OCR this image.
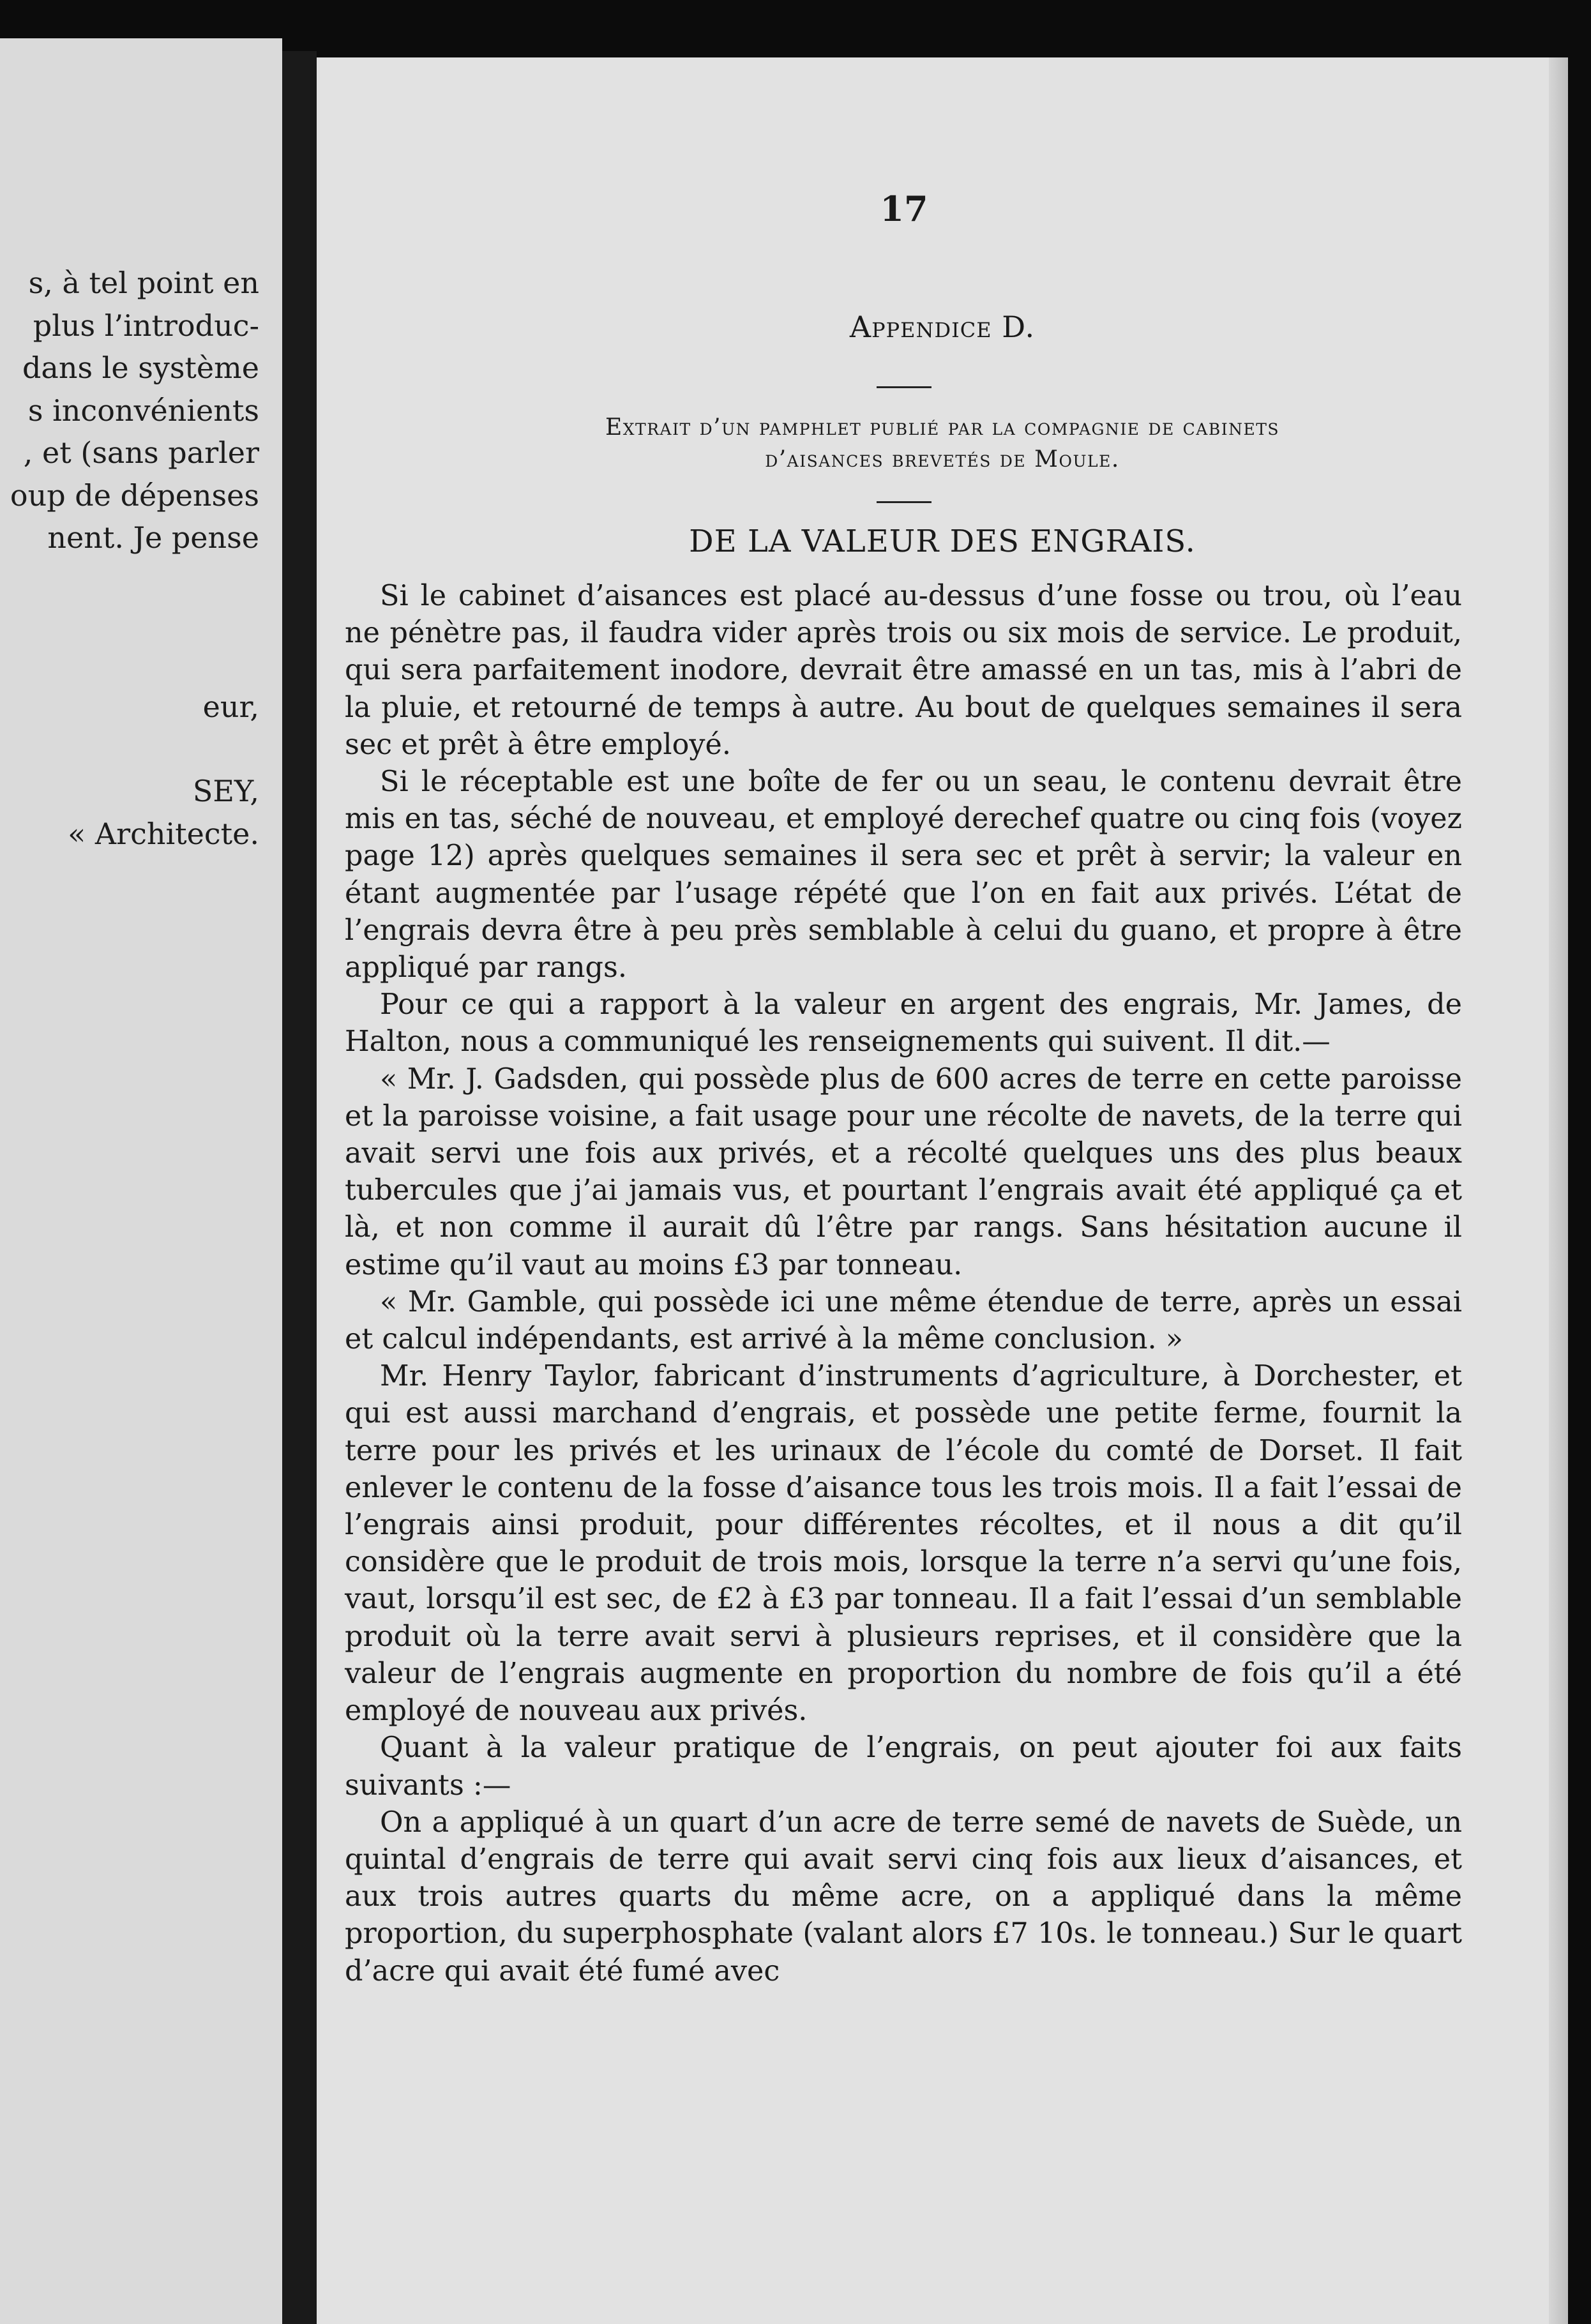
s, à tel point en
plus l’introduc-
dans le système
s inconvénients
, et (sans parler
oup de dépenses
nent. Je pense
eur,
SEY,
« Architecte.
17
Appendice D.
Extrait d’un pamphlet publié par la compagnie de cabinets
d’aisances brevetés de Moule.
DE LA VALEUR DES ENGRAIS.

Si le cabinet d’aisances est placé au-dessus d’une fosse ou trou, où l’eau ne pénètre pas, il faudra vider après trois ou six mois de service. Le produit, qui sera parfaitement inodore, devrait être amassé en un tas, mis à l’abri de la pluie, et retourné de temps à autre. Au bout de quelques semaines il sera sec et prêt à être employé.

Si le réceptable est une boîte de fer ou un seau, le contenu devrait être mis en tas, séché de nouveau, et employé derechef quatre ou cinq fois (voyez page 12) après quelques semaines il sera sec et prêt à servir; la valeur en étant augmentée par l’usage répété que l’on en fait aux privés. L’état de l’engrais devra être à peu près semblable à celui du guano, et propre à être appliqué par rangs.

Pour ce qui a rapport à la valeur en argent des engrais, Mr. James, de Halton, nous a communiqué les renseignements qui suivent. Il dit.—

« Mr. J. Gadsden, qui possède plus de 600 acres de terre en cette paroisse et la paroisse voisine, a fait usage pour une récolte de navets, de la terre qui avait servi une fois aux privés, et a récolté quelques uns des plus beaux tubercules que j’ai jamais vus, et pourtant l’engrais avait été appliqué ça et là, et non comme il aurait dû l’être par rangs. Sans hésitation aucune il estime qu’il vaut au moins £3 par tonneau.

« Mr. Gamble, qui possède ici une même étendue de terre, après un essai et calcul indépendants, est arrivé à la même conclusion. »

Mr. Henry Taylor, fabricant d’instruments d’agriculture, à Dorchester, et qui est aussi marchand d’engrais, et possède une petite ferme, fournit la terre pour les privés et les urinaux de l’école du comté de Dorset. Il fait enlever le contenu de la fosse d’aisance tous les trois mois. Il a fait l’essai de l’engrais ainsi produit, pour différentes récoltes, et il nous a dit qu’il considère que le produit de trois mois, lorsque la terre n’a servi qu’une fois, vaut, lorsqu’il est sec, de £2 à £3 par tonneau. Il a fait l’essai d’un semblable produit où la terre avait servi à plusieurs reprises, et il considère que la valeur de l’engrais augmente en proportion du nombre de fois qu’il a été employé de nouveau aux privés.

Quant à la valeur pratique de l’engrais, on peut ajouter foi aux faits suivants :—

On a appliqué à un quart d’un acre de terre semé de navets de Suède, un quintal d’engrais de terre qui avait servi cinq fois aux lieux d’aisances, et aux trois autres quarts du même acre, on a appliqué dans la même proportion, du superphosphate (valant alors £7 10s. le tonneau.) Sur le quart d’acre qui avait été fumé avec
